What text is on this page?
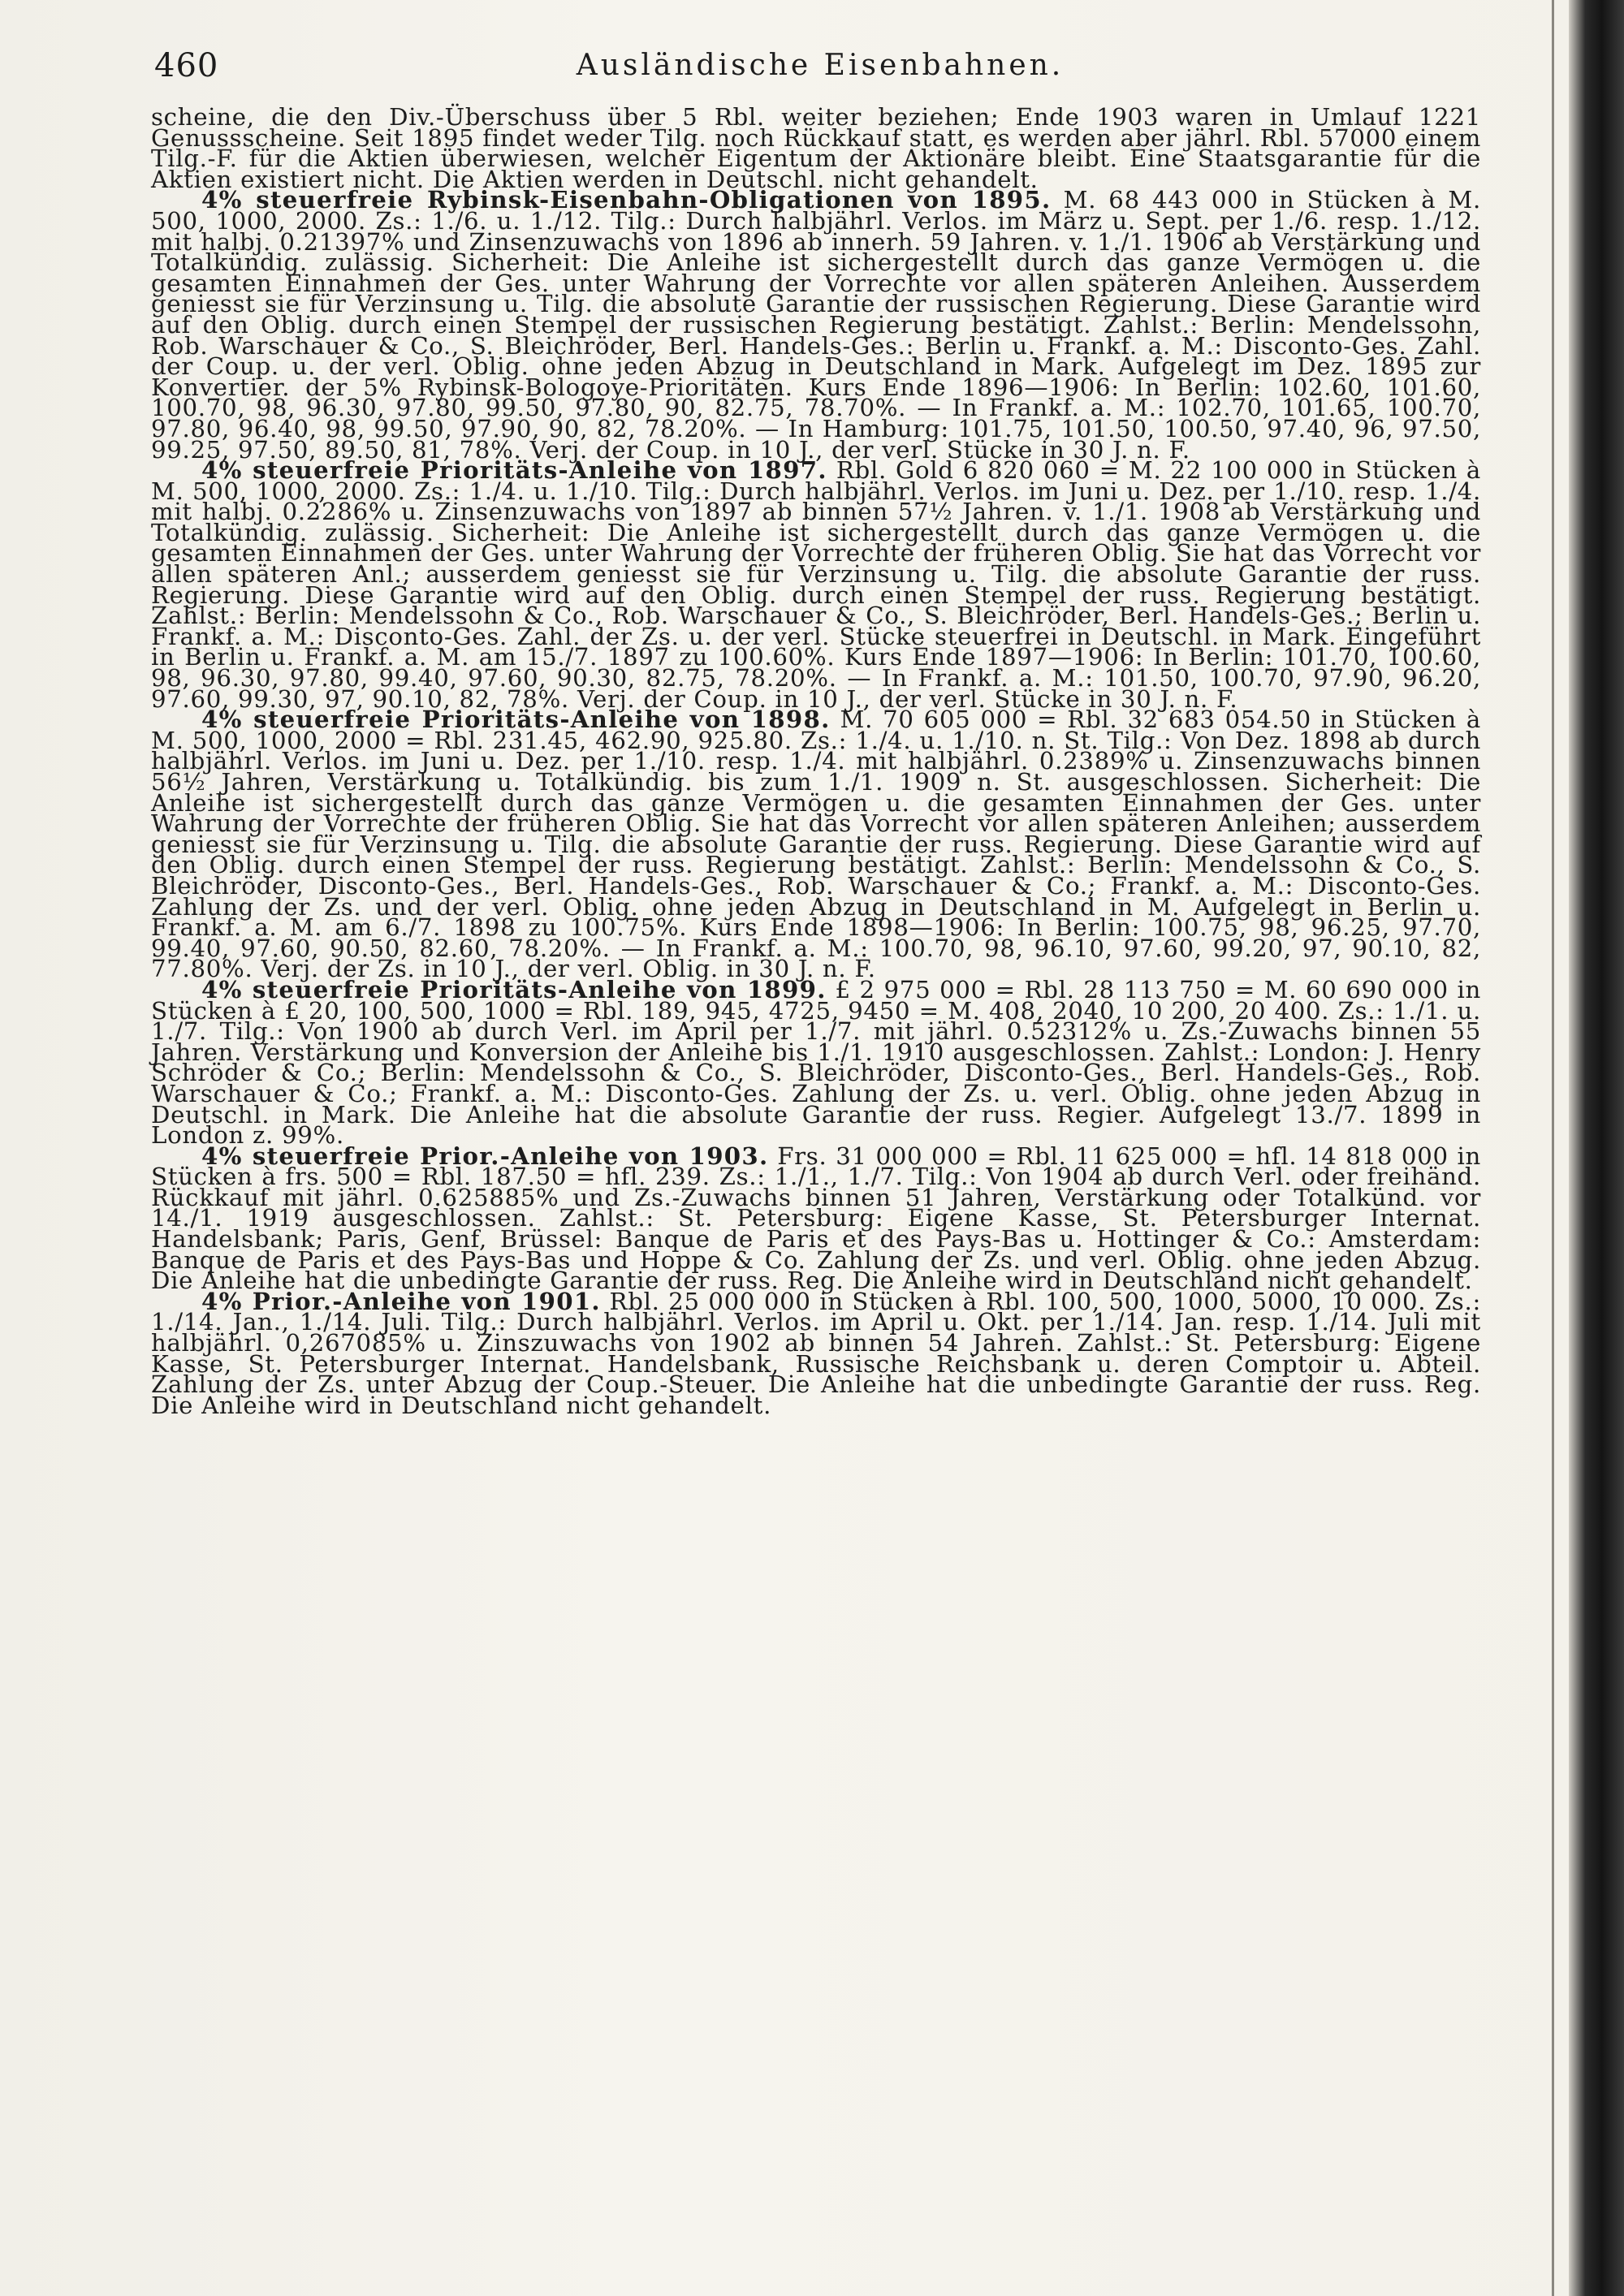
460	Ausländische Eisenbahnen.

scheine, die den Div.-Überschuss über 5 Rbl. weiter beziehen; Ende 1903 waren in Umlauf 1221 Genussscheine. Seit 1895 findet weder Tilg. noch Rückkauf statt, es werden aber jährl. Rbl. 57000 einem Tilg.-F. für die Aktien überwiesen, welcher Eigentum der Aktionäre bleibt. Eine Staatsgarantie für die Aktien existiert nicht. Die Aktien werden in Deutschl. nicht gehandelt.

4% steuerfreie Rybinsk-Eisenbahn-Obligationen von 1895. M. 68 443 000 in Stücken à M. 500, 1000, 2000. Zs.: 1./6. u. 1./12. Tilg.: Durch halbjährl. Verlos. im März u. Sept. per 1./6. resp. 1./12. mit halbj. 0.21397% und Zinsenzuwachs von 1896 ab innerh. 59 Jahren. v. 1./1. 1906 ab Verstärkung und Totalkündig. zulässig. Sicherheit: Die Anleihe ist sichergestellt durch das ganze Vermögen u. die gesamten Einnahmen der Ges. unter Wahrung der Vorrechte vor allen späteren Anleihen. Ausserdem geniesst sie für Verzinsung u. Tilg. die absolute Garantie der russischen Regierung. Diese Garantie wird auf den Oblig. durch einen Stempel der russischen Regierung bestätigt. Zahlst.: Berlin: Mendelssohn, Rob. Warschauer & Co., S. Bleichröder, Berl. Handels-Ges.: Berlin u. Frankf. a. M.: Disconto-Ges. Zahl. der Coup. u. der verl. Oblig. ohne jeden Abzug in Deutschland in Mark. Aufgelegt im Dez. 1895 zur Konvertier. der 5% Rybinsk-Bologoye-Prioritäten. Kurs Ende 1896—1906: In Berlin: 102.60, 101.60, 100.70, 98, 96.30, 97.80, 99.50, 97.80, 90, 82.75, 78.70%. — In Frankf. a. M.: 102.70, 101.65, 100.70, 97.80, 96.40, 98, 99.50, 97.90, 90, 82, 78.20%. — In Hamburg: 101.75, 101.50, 100.50, 97.40, 96, 97.50, 99.25, 97.50, 89.50, 81, 78%. Verj. der Coup. in 10 J., der verl. Stücke in 30 J. n. F.

4% steuerfreie Prioritäts-Anleihe von 1897. Rbl. Gold 6 820 060 = M. 22 100 000 in Stücken à M. 500, 1000, 2000. Zs.: 1./4. u. 1./10. Tilg.: Durch halbjährl. Verlos. im Juni u. Dez. per 1./10. resp. 1./4. mit halbj. 0.2286% u. Zinsenzuwachs von 1897 ab binnen 57½ Jahren. v. 1./1. 1908 ab Verstärkung und Totalkündig. zulässig. Sicherheit: Die Anleihe ist sichergestellt durch das ganze Vermögen u. die gesamten Einnahmen der Ges. unter Wahrung der Vorrechte der früheren Oblig. Sie hat das Vorrecht vor allen späteren Anl.; ausserdem geniesst sie für Verzinsung u. Tilg. die absolute Garantie der russ. Regierung. Diese Garantie wird auf den Oblig. durch einen Stempel der russ. Regierung bestätigt. Zahlst.: Berlin: Mendelssohn & Co., Rob. Warschauer & Co., S. Bleichröder, Berl. Handels-Ges.; Berlin u. Frankf. a. M.: Disconto-Ges. Zahl. der Zs. u. der verl. Stücke steuerfrei in Deutschl. in Mark. Eingeführt in Berlin u. Frankf. a. M. am 15./7. 1897 zu 100.60%. Kurs Ende 1897—1906: In Berlin: 101.70, 100.60, 98, 96.30, 97.80, 99.40, 97.60, 90.30, 82.75, 78.20%. — In Frankf. a. M.: 101.50, 100.70, 97.90, 96.20, 97.60, 99.30, 97, 90.10, 82, 78%. Verj. der Coup. in 10 J., der verl. Stücke in 30 J. n. F.

4% steuerfreie Prioritäts-Anleihe von 1898. M. 70 605 000 = Rbl. 32 683 054.50 in Stücken à M. 500, 1000, 2000 = Rbl. 231.45, 462.90, 925.80. Zs.: 1./4. u. 1./10. n. St. Tilg.: Von Dez. 1898 ab durch halbjährl. Verlos. im Juni u. Dez. per 1./10. resp. 1./4. mit halbjährl. 0.2389% u. Zinsenzuwachs binnen 56½ Jahren, Verstärkung u. Totalkündig. bis zum 1./1. 1909 n. St. ausgeschlossen. Sicherheit: Die Anleihe ist sichergestellt durch das ganze Vermögen u. die gesamten Einnahmen der Ges. unter Wahrung der Vorrechte der früheren Oblig. Sie hat das Vorrecht vor allen späteren Anleihen; ausserdem geniesst sie für Verzinsung u. Tilg. die absolute Garantie der russ. Regierung. Diese Garantie wird auf den Oblig. durch einen Stempel der russ. Regierung bestätigt. Zahlst.: Berlin: Mendelssohn & Co., S. Bleichröder, Disconto-Ges., Berl. Handels-Ges., Rob. Warschauer & Co.; Frankf. a. M.: Disconto-Ges. Zahlung der Zs. und der verl. Oblig. ohne jeden Abzug in Deutschland in M. Aufgelegt in Berlin u. Frankf. a. M. am 6./7. 1898 zu 100.75%. Kurs Ende 1898—1906: In Berlin: 100.75, 98, 96.25, 97.70, 99.40, 97.60, 90.50, 82.60, 78.20%. — In Frankf. a. M.: 100.70, 98, 96.10, 97.60, 99.20, 97, 90.10, 82, 77.80%. Verj. der Zs. in 10 J., der verl. Oblig. in 30 J. n. F.

4% steuerfreie Prioritäts-Anleihe von 1899. £ 2 975 000 = Rbl. 28 113 750 = M. 60 690 000 in Stücken à £ 20, 100, 500, 1000 = Rbl. 189, 945, 4725, 9450 = M. 408, 2040, 10 200, 20 400. Zs.: 1./1. u. 1./7. Tilg.: Von 1900 ab durch Verl. im April per 1./7. mit jährl. 0.52312% u. Zs.-Zuwachs binnen 55 Jahren. Verstärkung und Konversion der Anleihe bis 1./1. 1910 ausgeschlossen. Zahlst.: London: J. Henry Schröder & Co.; Berlin: Mendelssohn & Co., S. Bleichröder, Disconto-Ges., Berl. Handels-Ges., Rob. Warschauer & Co.; Frankf. a. M.: Disconto-Ges. Zahlung der Zs. u. verl. Oblig. ohne jeden Abzug in Deutschl. in Mark. Die Anleihe hat die absolute Garantie der russ. Regier. Aufgelegt 13./7. 1899 in London z. 99%.

4% steuerfreie Prior.-Anleihe von 1903. Frs. 31 000 000 = Rbl. 11 625 000 = hfl. 14 818 000 in Stücken à frs. 500 = Rbl. 187.50 = hfl. 239. Zs.: 1./1., 1./7. Tilg.: Von 1904 ab durch Verl. oder freihänd. Rückkauf mit jährl. 0.625885% und Zs.-Zuwachs binnen 51 Jahren, Verstärkung oder Totalkünd. vor 14./1. 1919 ausgeschlossen. Zahlst.: St. Petersburg: Eigene Kasse, St. Petersburger Internat. Handelsbank; Paris, Genf, Brüssel: Banque de Paris et des Pays-Bas u. Hottinger & Co.: Amsterdam: Banque de Paris et des Pays-Bas und Hoppe & Co. Zahlung der Zs. und verl. Oblig. ohne jeden Abzug. Die Anleihe hat die unbedingte Garantie der russ. Reg. Die Anleihe wird in Deutschland nicht gehandelt.

4% Prior.-Anleihe von 1901. Rbl. 25 000 000 in Stücken à Rbl. 100, 500, 1000, 5000, 10 000. Zs.: 1./14. Jan., 1./14. Juli. Tilg.: Durch halbjährl. Verlos. im April u. Okt. per 1./14. Jan. resp. 1./14. Juli mit halbjährl. 0,267085% u. Zinszuwachs von 1902 ab binnen 54 Jahren. Zahlst.: St. Petersburg: Eigene Kasse, St. Petersburger Internat. Handelsbank, Russische Reichsbank u. deren Comptoir u. Abteil. Zahlung der Zs. unter Abzug der Coup.-Steuer. Die Anleihe hat die unbedingte Garantie der russ. Reg. Die Anleihe wird in Deutschland nicht gehandelt.
